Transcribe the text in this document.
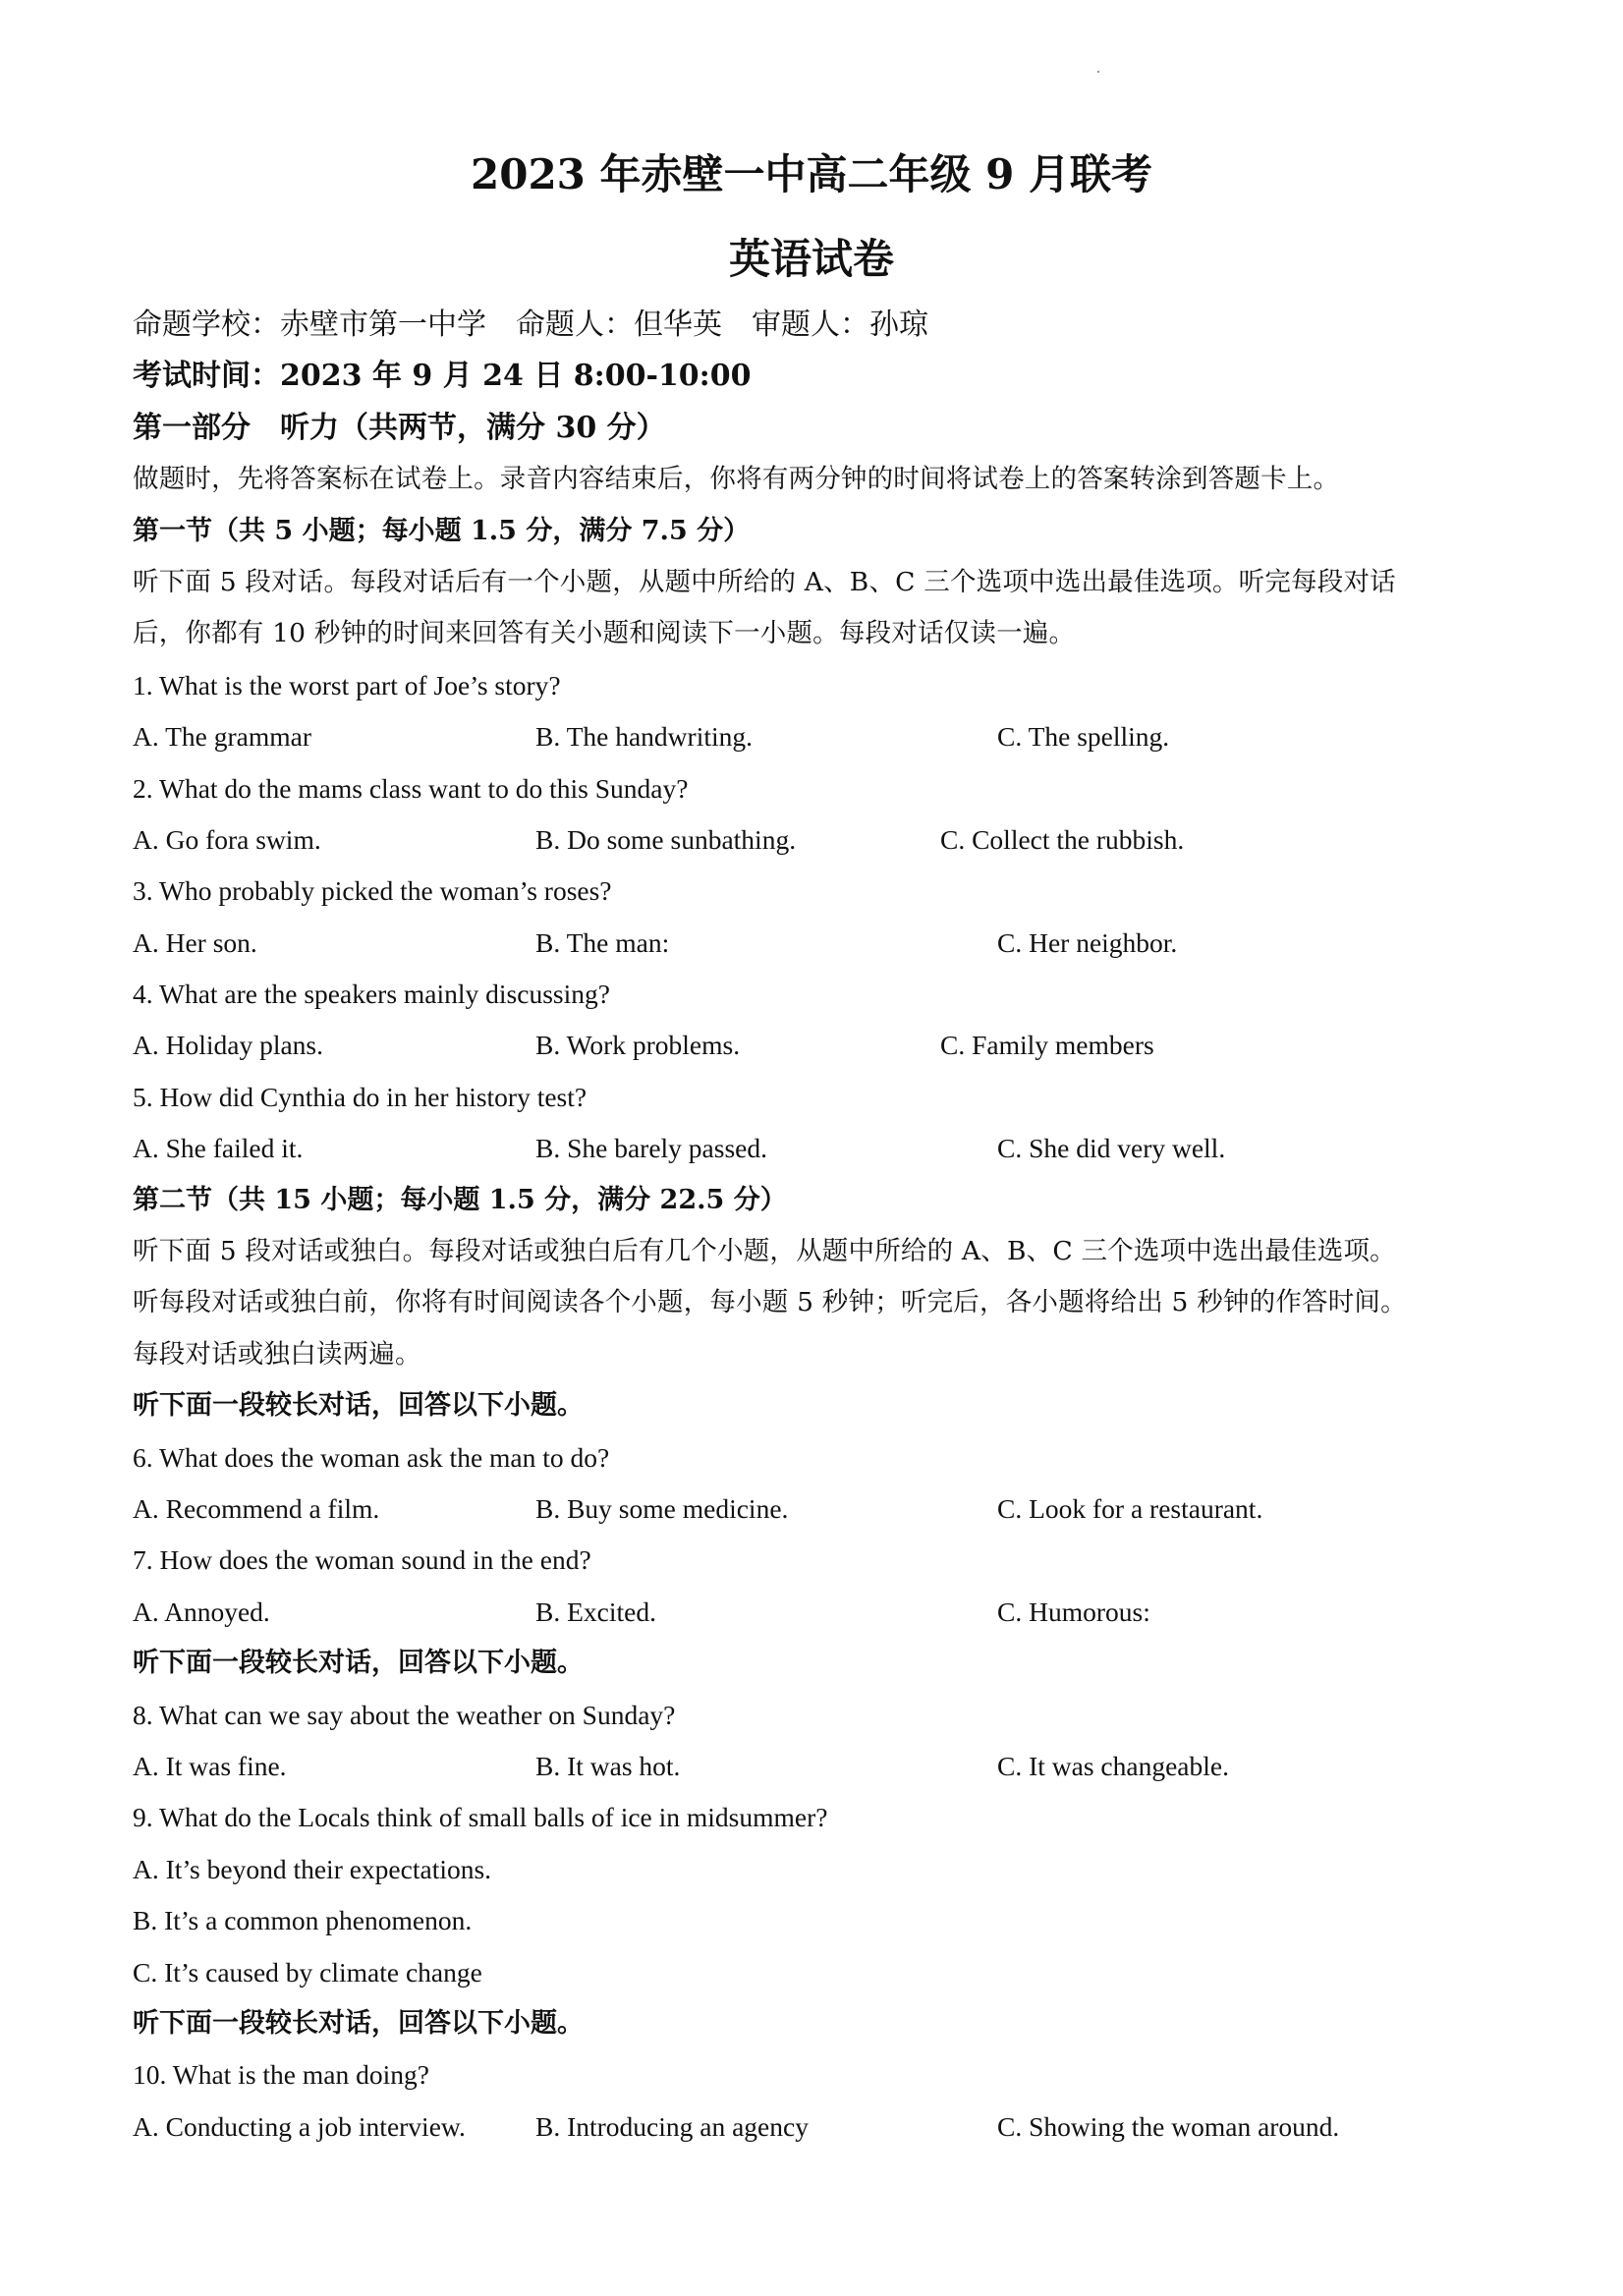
2023 年赤壁一中高二年级 9 月联考
英语试卷
命题学校：赤壁市第一中学　命题人：但华英　审题人：孙琼
考试时间：2023 年 9 月 24 日 8:00-10:00
第一部分　听力（共两节，满分 30 分）
做题时，先将答案标在试卷上。录音内容结束后，你将有两分钟的时间将试卷上的答案转涂到答题卡上。
第一节（共 5 小题；每小题 1.5 分，满分 7.5 分）
听下面 5 段对话。每段对话后有一个小题，从题中所给的 A、B、C 三个选项中选出最佳选项。听完每段对话
后，你都有 10 秒钟的时间来回答有关小题和阅读下一小题。每段对话仅读一遍。
1. What is the worst part of Joe’s story?
A. The grammar	B. The handwriting.	C. The spelling.
2. What do the mams class want to do this Sunday?
A. Go fora swim.	B. Do some sunbathing.	C. Collect the rubbish.
3. Who probably picked the woman’s roses?
A. Her son.	B. The man:	C. Her neighbor.
4. What are the speakers mainly discussing?
A. Holiday plans.	B. Work problems.	C. Family members
5. How did Cynthia do in her history test?
A. She failed it.	B. She barely passed.	C. She did very well.
第二节（共 15 小题；每小题 1.5 分，满分 22.5 分）
听下面 5 段对话或独白。每段对话或独白后有几个小题，从题中所给的 A、B、C 三个选项中选出最佳选项。
听每段对话或独白前，你将有时间阅读各个小题，每小题 5 秒钟；听完后，各小题将给出 5 秒钟的作答时间。
每段对话或独白读两遍。
听下面一段较长对话，回答以下小题。
6. What does the woman ask the man to do?
A. Recommend a film.	B. Buy some medicine.	C. Look for a restaurant.
7. How does the woman sound in the end?
A. Annoyed.	B. Excited.	C. Humorous:
听下面一段较长对话，回答以下小题。
8. What can we say about the weather on Sunday?
A. It was fine.	B. It was hot.	C. It was changeable.
9. What do the Locals think of small balls of ice in midsummer?
A. It’s beyond their expectations.
B. It’s a common phenomenon.
C. It’s caused by climate change
听下面一段较长对话，回答以下小题。
10. What is the man doing?
A. Conducting a job interview.	B. Introducing an agency	C. Showing the woman around.
